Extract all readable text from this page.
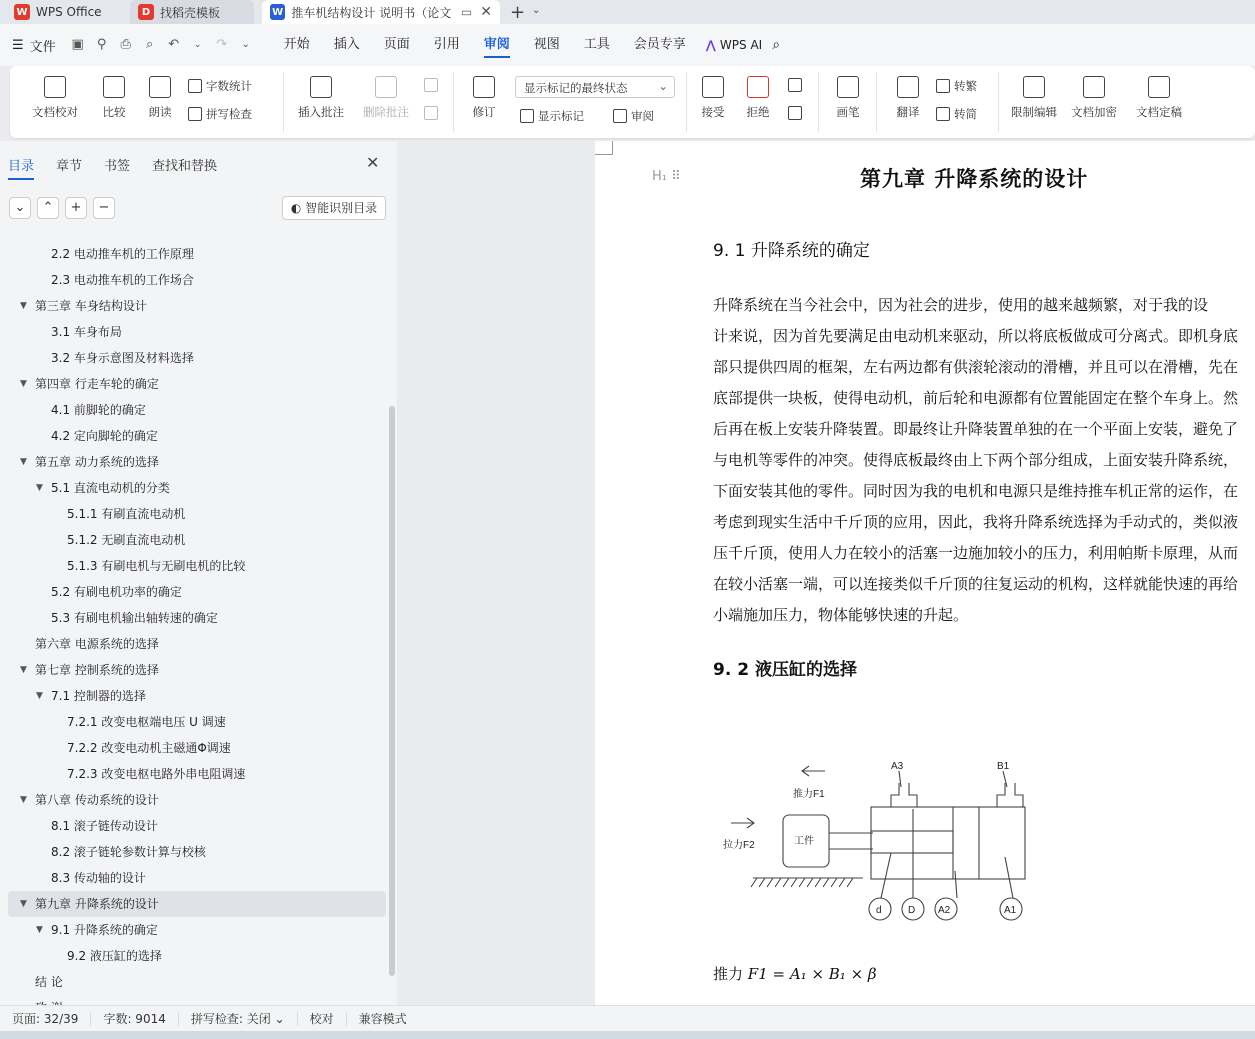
W WPS Office	D 找稻壳模板	W 推车机结构设计 说明书（论文 ▭ ✕ + ⌄
☰ 文件 ▣ ⚲ ⎙	⌕	↶	⌄	↷	⌄	开始	插入	页面	引用	审阅	视图	工具	会员专享	⋀ WPS AI ⌕
文档校对 比较 朗读
字数统计
拼写检查	插入批注 删除批注	修订
显示标记的最终状态	⌄
显示标记	审阅	接受 拒绝	画笔	翻译
转繁
转简	限制编辑 文档加密 文档定稿
目录 章节 书签 查找和替换	✕
⌄	⌃	+	−	◐ 智能识别目录
2.2 电动推车机的工作原理
2.3 电动推车机的工作场合
▼ 第三章 车身结构设计
3.1 车身布局
3.2 车身示意图及材料选择
▼ 第四章 行走车轮的确定
4.1 前脚轮的确定
4.2 定向脚轮的确定
▼ 第五章 动力系统的选择
▼ 5.1 直流电动机的分类
5.1.1 有刷直流电动机
5.1.2 无刷直流电动机
5.1.3 有刷电机与无刷电机的比较
5.2 有刷电机功率的确定
5.3 有刷电机输出轴转速的确定
第六章 电源系统的选择
▼ 第七章 控制系统的选择
▼ 7.1 控制器的选择
7.2.1 改变电枢端电压 U 调速
7.2.2 改变电动机主磁通Φ调速
7.2.3 改变电枢电路外串电阻调速
▼ 第八章 传动系统的设计
8.1 滚子链传动设计
8.2 滚子链轮参数计算与校核
8.3 传动轴的设计
▼ 第九章 升降系统的设计
▼ 9.1 升降系统的确定
9.2 液压缸的选择
结 论
第九章 升降系统的设计
9. 1 升降系统的确定
升降系统在当今社会中，因为社会的进步，使用的越来越频繁，对于我的设
计来说，因为首先要满足由电动机来驱动，所以将底板做成可分离式。即机身底
部只提供四周的框架，左右两边都有供滚轮滚动的滑槽，并且可以在滑槽，先在
底部提供一块板，使得电动机，前后轮和电源都有位置能固定在整个车身上。然
后再在板上安装升降装置。即最终让升降装置单独的在一个平面上安装，避免了
与电机等零件的冲突。使得底板最终由上下两个部分组成，上面安装升降系统，
下面安装其他的零件。同时因为我的电机和电源只是维持推车机正常的运作，在
考虑到现实生活中千斤顶的应用，因此，我将升降系统选择为手动式的，类似液
压千斤顶，使用人力在较小的活塞一边施加较小的压力，利用帕斯卡原理，从而
在较小活塞一端，可以连接类似千斤顶的往复运动的机构，这样就能快速的再给
小端施加压力，物体能够快速的升起。
9. 2 液压缸的选择
推力F1
拉力F2	工件
A3	B1
d	D A2	A1
推力 F1 = A₁ × B₁ × β
H₁ ⠿
页面: 32/39	字数: 9014	拼写检查: 关闭 ⌄	校对	兼容模式
